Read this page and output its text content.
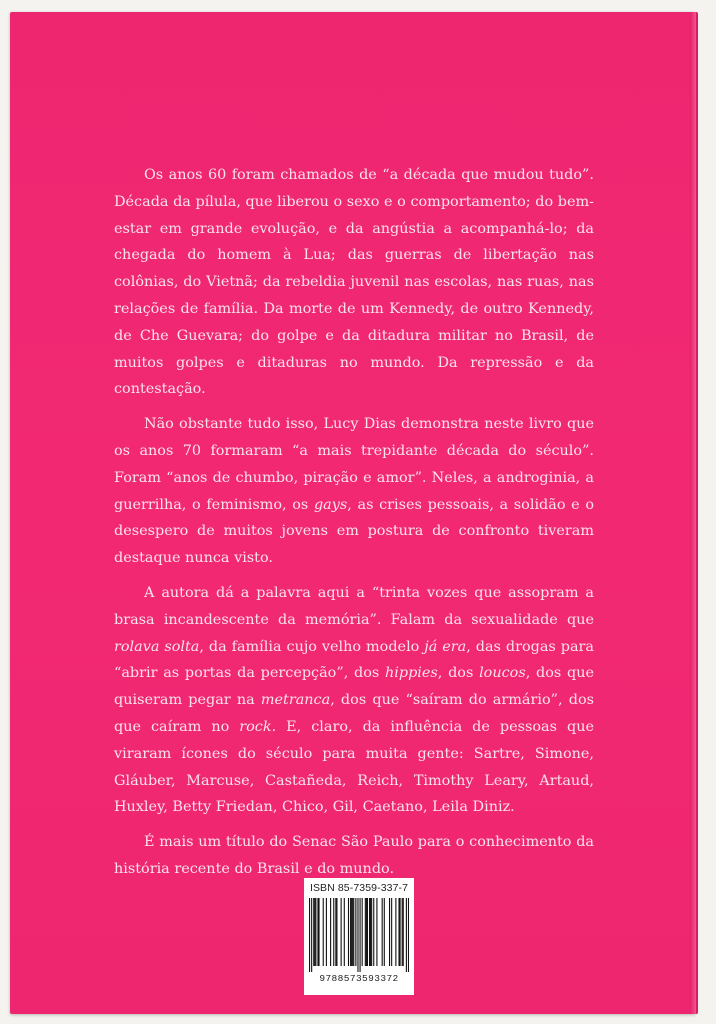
Os anos 60 foram chamados de “a década que mudou tudo”. Década da pílula, que liberou o sexo e o comportamento; do bem-estar em grande evolução, e da angústia a acompanhá-lo; da chegada do homem à Lua; das guerras de libertação nas colônias, do Vietnã; da rebeldia juvenil nas escolas, nas ruas, nas relações de família. Da morte de um Kennedy, de outro Kennedy, de Che Guevara; do golpe e da ditadura militar no Brasil, de muitos golpes e ditaduras no mundo. Da repressão e da contestação.

Não obstante tudo isso, Lucy Dias demonstra neste livro que os anos 70 formaram “a mais trepidante década do século”. Foram “anos de chumbo, piração e amor”. Neles, a androginia, a guerrilha, o feminismo, os gays, as crises pessoais, a solidão e o desespero de muitos jovens em postura de confronto tiveram destaque nunca visto.

A autora dá a palavra aqui a “trinta vozes que assopram a brasa incandescente da memória”. Falam da sexualidade que rolava solta, da família cujo velho modelo já era, das drogas para “abrir as portas da percepção”, dos hippies, dos loucos, dos que quiseram pegar na metranca, dos que “saíram do armário”, dos que caíram no rock. E, claro, da influência de pessoas que viraram ícones do século para muita gente: Sartre, Simone, Gláuber, Marcuse, Castañeda, Reich, Timothy Leary, Artaud, Huxley, Betty Friedan, Chico, Gil, Caetano, Leila Diniz.

É mais um título do Senac São Paulo para o conhecimento da história recente do Brasil e do mundo.

ISBN 85-7359-337-7
9788573593372
